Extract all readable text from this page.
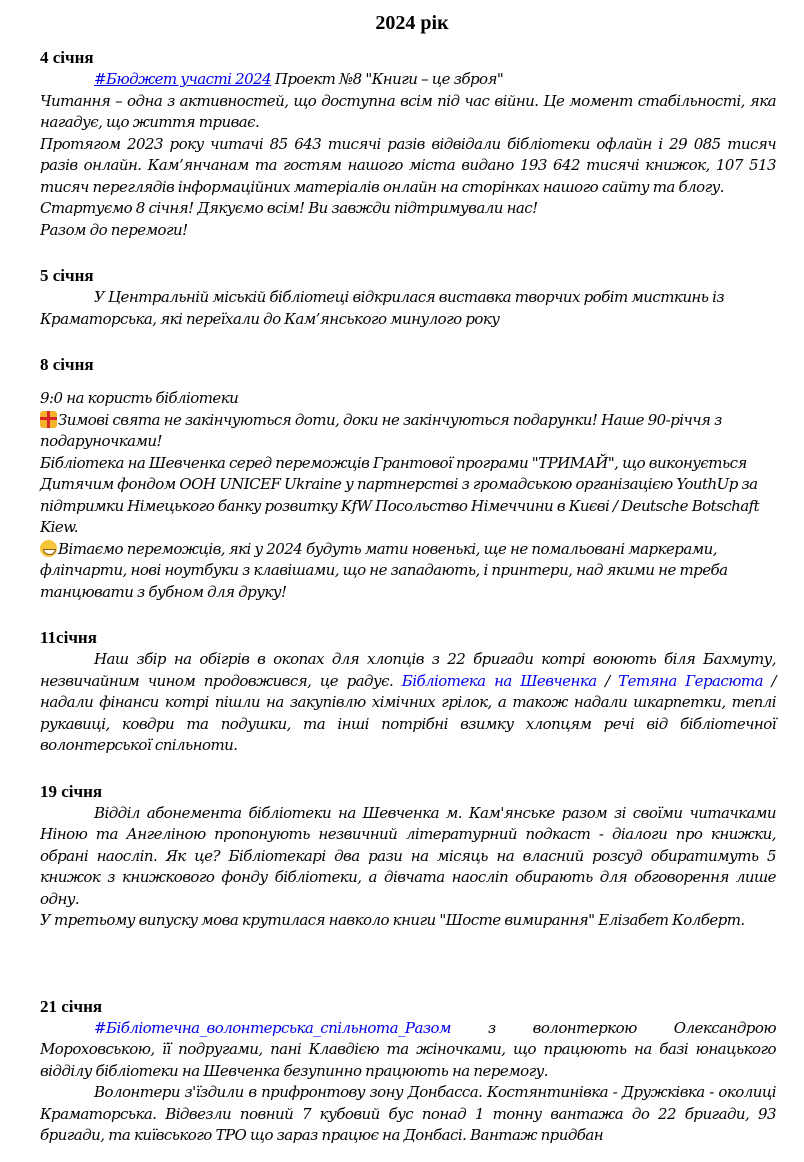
2024 рік
4 січня

#Бюджет участі 2024 Проект №8 "Книги – це зброя"

Читання – одна з активностей, що доступна всім під час війни. Це момент стабільності, яка нагадує, що життя триває.

Протягом 2023 року читачі 85 643 тисячі разів відвідали бібліотеки офлайн і 29 085 тисяч разів онлайн. Кам’янчанам та гостям нашого міста видано 193 642 тисячі книжок, 107 513 тисяч переглядів інформаційних матеріалів онлайн на сторінках нашого сайту та блогу.

Стартуємо 8 січня! Дякуємо всім! Ви завжди підтримували нас!

Разом до перемоги!

5 січня

У Центральній міській бібліотеці відкрилася виставка творчих робіт мисткинь із Краматорська, які переїхали до Кам’янського минулого року

8 січня

9:0 на користь бібліотеки

Зимові свята не закінчуються доти, доки не закінчуються подарунки! Наше 90-річчя з подаруночками!

Бібліотека на Шевченка серед переможців Грантової програми "ТРИМАЙ", що виконується Дитячим фондом ООН UNICEF Ukraine у партнерстві з громадською організацією YouthUp за підтримки Німецького банку розвитку KfW Посольство Німеччини в Києві / Deutsche Botschaft Kiew.

Вітаємо переможців, які у 2024 будуть мати новенькі, ще не помальовані маркерами, фліпчарти, нові ноутбуки з клавішами, що не западають, і принтери, над якими не треба танцювати з бубном для друку!

11січня

Наш збір на обігрів в окопах для хлопців з 22 бригади котрі воюють біля Бахмуту, незвичайним чином продовжився, це радує. Бібліотека на Шевченка / Тетяна Герасюта / надали фінанси котрі пішли на закупівлю хімічних грілок, а також надали шкарпетки, теплі рукавиці, ковдри та подушки, та інші потрібні взимку хлопцям речі від бібліотечної волонтерської спільноти.

19 січня

Відділ абонемента бібліотеки на Шевченка м. Кам'янське разом зі своїми читачками Ніною та Ангеліною пропонують незвичний літературний подкаст - діалоги про книжки, обрані наосліп. Як це? Бібліотекарі два рази на місяць на власний розсуд обиратимуть 5 книжок з книжкового фонду бібліотеки, а дівчата наосліп обирають для обговорення лише одну.

У третьому випуску мова крутилася навколо книги "Шосте вимирання" Елізабет Колберт.

21 січня

#Бібліотечна_волонтерська_спільнота_Разом з волонтеркою Олександрою Мороховською, її подругами, пані Клавдією та жіночками, що працюють на базі юнацького відділу бібліотеки на Шевченка безупинно працюють на перемогу.

Волонтери з'їздили в прифронтову зону Донбасса. Костянтинівка - Дружківка - околиці Краматорська. Відвезли повний 7 кубовий бус понад 1 тонну вантажа до 22 бригади, 93 бригади, та київського ТРО що зараз працює на Донбасі. Вантаж придбан
